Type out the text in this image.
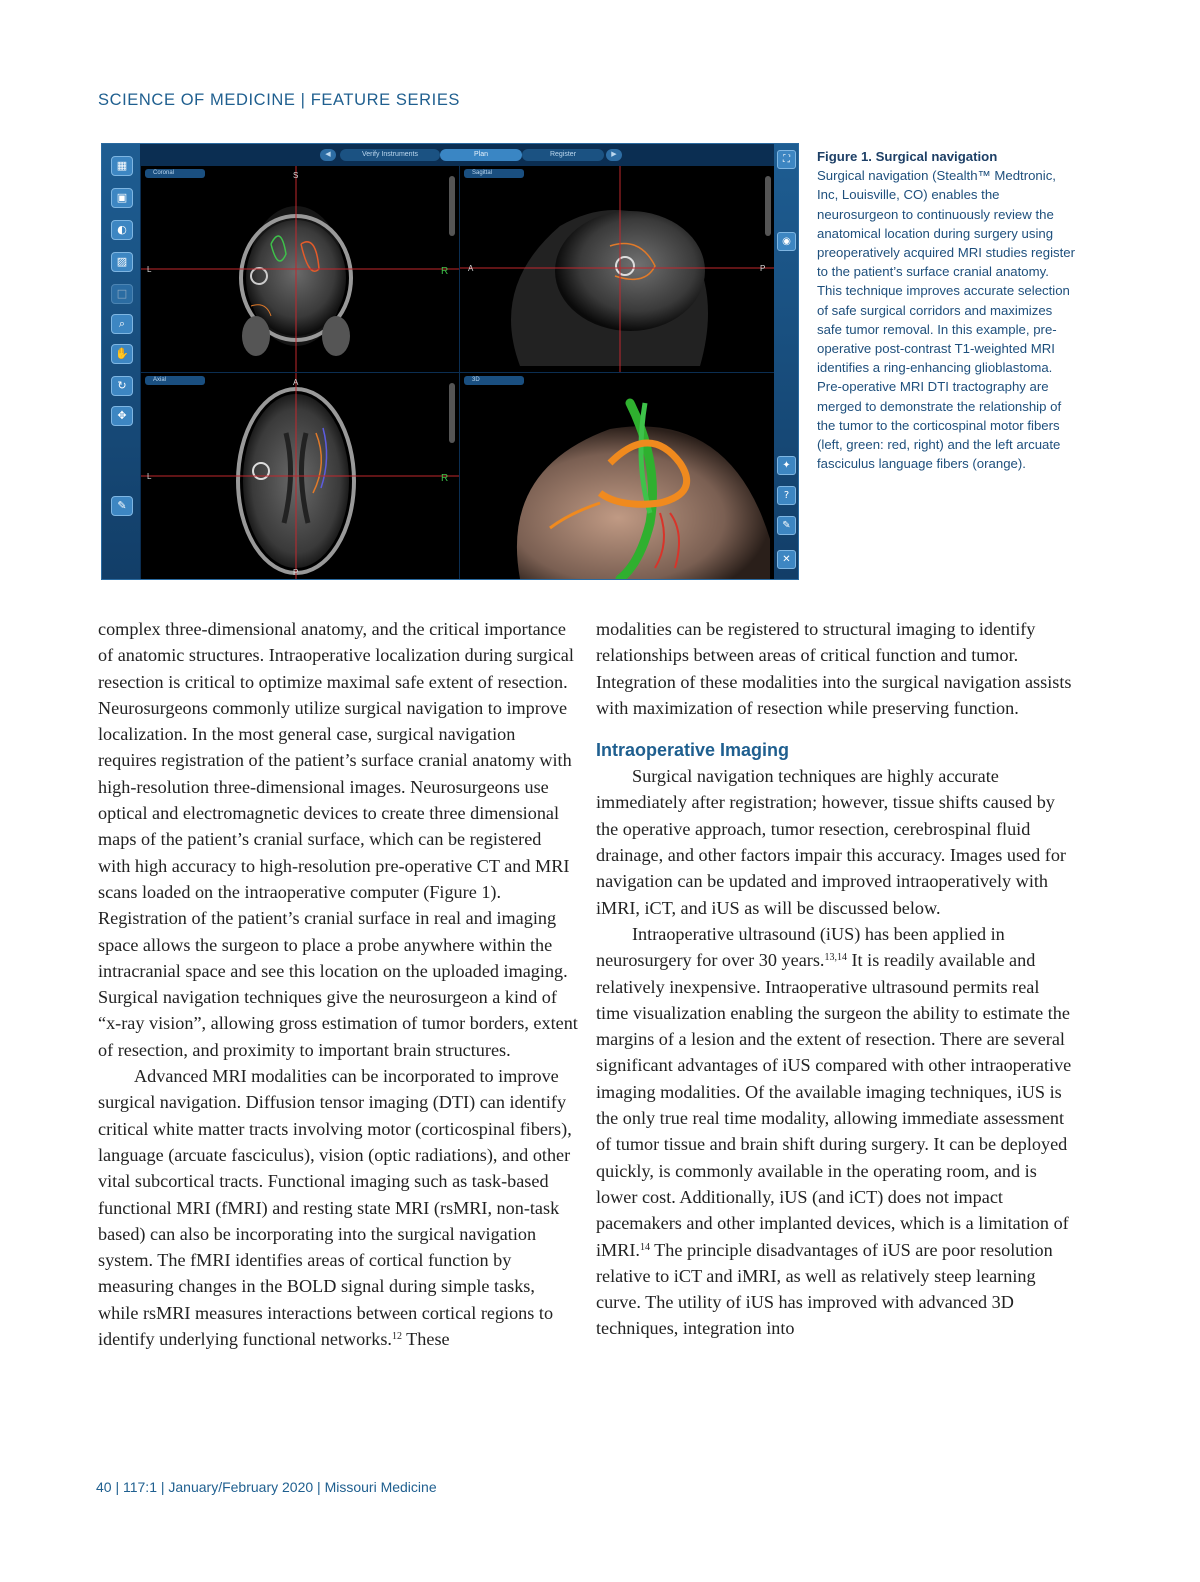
SCIENCE OF MEDICINE | FEATURE SERIES
▦
▣
◐
▨
□
⌕
✋
↻
✥
✎
◀	Verify Instruments	Plan	Register	▶
Coronal	S
L	R
Sagittal
A	P
Axial	A
L	R
P
3D
⛶
◉
✦
?
✎
✕
Figure 1. Surgical navigation
Surgical navigation (Stealth™ Medtronic, Inc, Louisville, CO) enables the neurosurgeon to continuously review the anatomical location during surgery using preoperatively acquired MRI studies register to the patient’s surface cranial anatomy. This technique improves accurate selection of safe surgical corridors and maximizes safe tumor removal. In this example, pre-operative post-contrast T1-weighted MRI identifies a ring-enhancing glioblastoma. Pre-operative MRI DTI tractography are merged to demonstrate the relationship of the tumor to the corticospinal motor fibers (left, green: red, right) and the left arcuate fasciculus language fibers (orange).

complex three-dimensional anatomy, and the critical importance of anatomic structures. Intraoperative localization during surgical resection is critical to optimize maximal safe extent of resection. Neurosurgeons commonly utilize surgical navigation to improve localization. In the most general case, surgical navigation requires registration of the patient’s surface cranial anatomy with high-resolution three-dimensional images. Neurosurgeons use optical and electromagnetic devices to create three dimensional maps of the patient’s cranial surface, which can be registered with high accuracy to high-resolution pre-operative CT and MRI scans loaded on the intraoperative computer (Figure 1). Registration of the patient’s cranial surface in real and imaging space allows the surgeon to place a probe anywhere within the intracranial space and see this location on the uploaded imaging. Surgical navigation techniques give the neurosurgeon a kind of “x-ray vision”, allowing gross estimation of tumor borders, extent of resection, and proximity to important brain structures.

Advanced MRI modalities can be incorporated to improve surgical navigation. Diffusion tensor imaging (DTI) can identify critical white matter tracts involving motor (corticospinal fibers), language (arcuate fasciculus), vision (optic radiations), and other vital subcortical tracts. Functional imaging such as task-based functional MRI (fMRI) and resting state MRI (rsMRI, non-task based) can also be incorporating into the surgical navigation system. The fMRI identifies areas of cortical function by measuring changes in the BOLD signal during simple tasks, while rsMRI measures interactions between cortical regions to identify underlying functional networks.$^{12}$ These

modalities can be registered to structural imaging to identify relationships between areas of critical function and tumor. Integration of these modalities into the surgical navigation assists with maximization of resection while preserving function.

Intraoperative Imaging

Surgical navigation techniques are highly accurate immediately after registration; however, tissue shifts caused by the operative approach, tumor resection, cerebrospinal fluid drainage, and other factors impair this accuracy. Images used for navigation can be updated and improved intraoperatively with iMRI, iCT, and iUS as will be discussed below.

Intraoperative ultrasound (iUS) has been applied in neurosurgery for over 30 years.$^{13,14}$ It is readily available and relatively inexpensive. Intraoperative ultrasound permits real time visualization enabling the surgeon the ability to estimate the margins of a lesion and the extent of resection. There are several significant advantages of iUS compared with other intraoperative imaging modalities. Of the available imaging techniques, iUS is the only true real time modality, allowing immediate assessment of tumor tissue and brain shift during surgery. It can be deployed quickly, is commonly available in the operating room, and is lower cost. Additionally, iUS (and iCT) does not impact pacemakers and other implanted devices, which is a limitation of iMRI.$^{14}$ The principle disadvantages of iUS are poor resolution relative to iCT and iMRI, as well as relatively steep learning curve. The utility of iUS has improved with advanced 3D techniques, integration into

40 | 117:1 | January/February 2020 | Missouri Medicine
